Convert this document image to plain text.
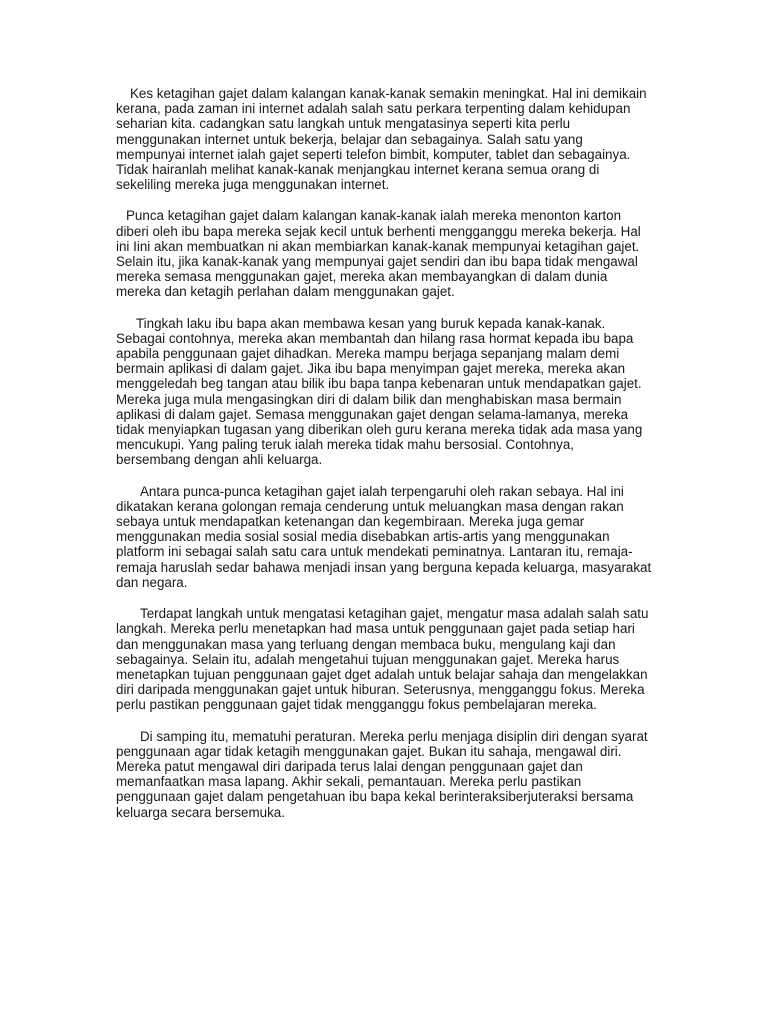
Kes ketagihan gajet dalam kalangan kanak-kanak semakin meningkat. Hal ini demikain kerana, pada zaman ini internet adalah salah satu perkara terpenting dalam kehidupan seharian kita. cadangkan satu langkah untuk mengatasinya seperti kita perlu menggunakan internet untuk bekerja, belajar dan sebagainya. Salah satu yang mempunyai internet ialah gajet seperti telefon bimbit, komputer, tablet dan sebagainya. Tidak hairanlah melihat kanak-kanak menjangkau internet kerana semua orang di sekeliling mereka juga menggunakan internet.

Punca ketagihan gajet dalam kalangan kanak-kanak ialah mereka menonton karton diberi oleh ibu bapa mereka sejak kecil untuk berhenti mengganggu mereka bekerja. Hal ini Iini akan membuatkan ni akan membiarkan kanak-kanak mempunyai ketagihan gajet. Selain itu, jika kanak-kanak yang mempunyai gajet sendiri dan ibu bapa tidak mengawal mereka semasa menggunakan gajet, mereka akan membayangkan di dalam dunia mereka dan ketagih perlahan dalam menggunakan gajet.

Tingkah laku ibu bapa akan membawa kesan yang buruk kepada kanak-kanak. Sebagai contohnya, mereka akan membantah dan hilang rasa hormat kepada ibu bapa apabila penggunaan gajet dihadkan. Mereka mampu berjaga sepanjang malam demi bermain aplikasi di dalam gajet. Jika ibu bapa menyimpan gajet mereka, mereka akan menggeledah beg tangan atau bilik ibu bapa tanpa kebenaran untuk mendapatkan gajet. Mereka juga mula mengasingkan diri di dalam bilik dan menghabiskan masa bermain aplikasi di dalam gajet. Semasa menggunakan gajet dengan selama-lamanya, mereka tidak menyiapkan tugasan yang diberikan oleh guru kerana mereka tidak ada masa yang mencukupi. Yang paling teruk ialah mereka tidak mahu bersosial. Contohnya, bersembang dengan ahli keluarga.

Antara punca-punca ketagihan gajet ialah terpengaruhi oleh rakan sebaya. Hal ini dikatakan kerana golongan remaja cenderung untuk meluangkan masa dengan rakan sebaya untuk mendapatkan ketenangan dan kegembiraan. Mereka juga gemar menggunakan media sosial sosial media disebabkan artis-artis yang menggunakan platform ini sebagai salah satu cara untuk mendekati peminatnya. Lantaran itu, remaja-remaja haruslah sedar bahawa menjadi insan yang berguna kepada keluarga, masyarakat dan negara.

Terdapat langkah untuk mengatasi ketagihan gajet, mengatur masa adalah salah satu langkah. Mereka perlu menetapkan had masa untuk penggunaan gajet pada setiap hari dan menggunakan masa yang terluang dengan membaca buku, mengulang kaji dan sebagainya. Selain itu, adalah mengetahui tujuan menggunakan gajet. Mereka harus menetapkan tujuan penggunaan gajet dget adalah untuk belajar sahaja dan mengelakkan diri daripada menggunakan gajet untuk hiburan. Seterusnya, mengganggu fokus. Mereka perlu pastikan penggunaan gajet tidak mengganggu fokus pembelajaran mereka.

Di samping itu, mematuhi peraturan. Mereka perlu menjaga disiplin diri dengan syarat penggunaan agar tidak ketagih menggunakan gajet. Bukan itu sahaja, mengawal diri. Mereka patut mengawal diri daripada terus lalai dengan penggunaan gajet dan memanfaatkan masa lapang. Akhir sekali, pemantauan. Mereka perlu pastikan penggunaan gajet dalam pengetahuan ibu bapa kekal berinteraksiberjuteraksi bersama keluarga secara bersemuka.
